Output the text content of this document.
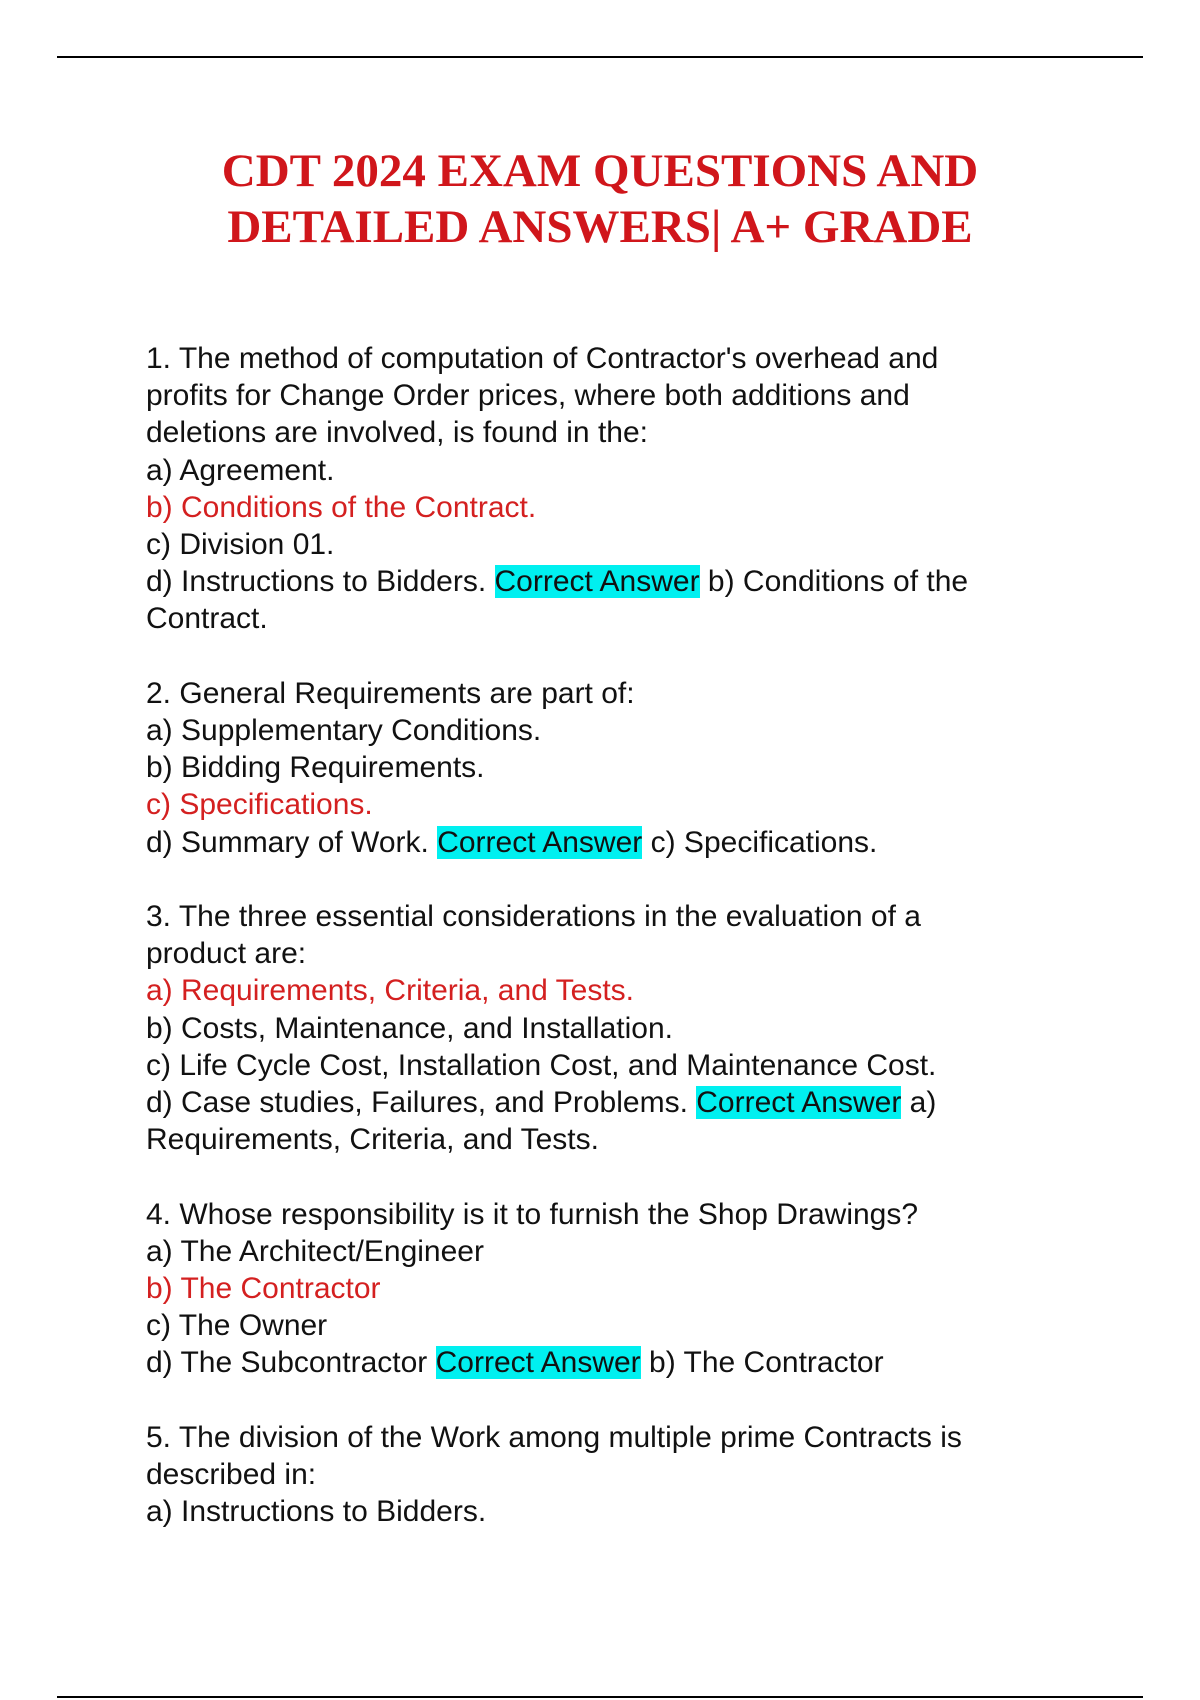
CDT 2024 EXAM QUESTIONS AND
DETAILED ANSWERS| A+ GRADE
1. The method of computation of Contractor's overhead and
profits for Change Order prices, where both additions and
deletions are involved, is found in the:
a) Agreement.
b) Conditions of the Contract.
c) Division 01.
d) Instructions to Bidders. Correct Answer b) Conditions of the
Contract.
2. General Requirements are part of:
a) Supplementary Conditions.
b) Bidding Requirements.
c) Specifications.
d) Summary of Work. Correct Answer c) Specifications.
3. The three essential considerations in the evaluation of a
product are:
a) Requirements, Criteria, and Tests.
b) Costs, Maintenance, and Installation.
c) Life Cycle Cost, Installation Cost, and Maintenance Cost.
d) Case studies, Failures, and Problems. Correct Answer a)
Requirements, Criteria, and Tests.
4. Whose responsibility is it to furnish the Shop Drawings?
a) The Architect/Engineer
b) The Contractor
c) The Owner
d) The Subcontractor Correct Answer b) The Contractor
5. The division of the Work among multiple prime Contracts is
described in:
a) Instructions to Bidders.
